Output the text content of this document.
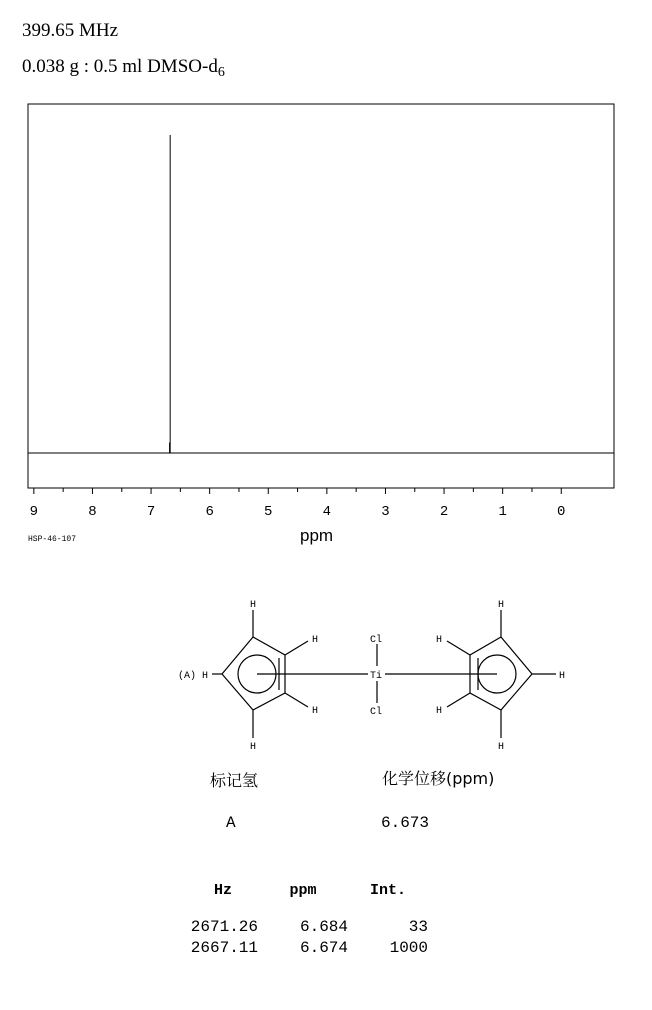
399.65 MHz
0.038 g : 0.5 ml DMSO-$d_6$
9	8	7	6	5	4	3	2	1	0
ppm
HSP-46-107
H
H
H
H
(A) H
H
H
H
H
H
Cl
Ti
Cl
标记氢	化学位移(ppm)
A	6.673
Hz	ppm	Int.

2671.26	6.684	33
2667.11	6.674	1000
